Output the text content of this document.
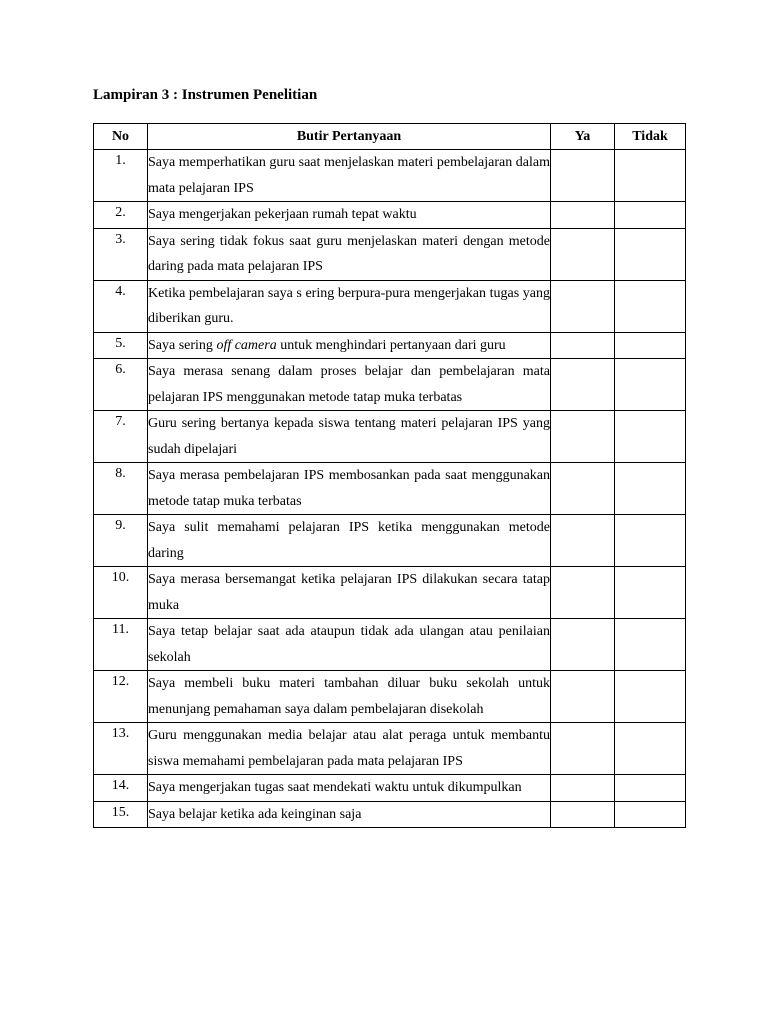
Lampiran 3 : Instrumen Penelitian
No	Butir Pertanyaan	Ya	Tidak
1.	Saya memperhatikan guru saat menjelaskan materi pembelajaran dalam mata pelajaran IPS		
2.	Saya mengerjakan pekerjaan rumah tepat waktu		

3.	Saya sering tidak fokus saat guru menjelaskan materi dengan metode daring pada mata pelajaran IPS		
4.	Ketika pembelajaran saya s ering berpura-pura mengerjakan tugas yang diberikan guru.		
5.	Saya sering off camera untuk menghindari pertanyaan dari guru		
6.	Saya merasa senang dalam proses belajar dan pembelajaran mata pelajaran IPS menggunakan metode tatap muka terbatas		
7.	Guru sering bertanya kepada siswa tentang materi pelajaran IPS yang sudah dipelajari		
8.	Saya merasa pembelajaran IPS membosankan pada saat menggunakan metode tatap muka terbatas		
9.	Saya sulit memahami pelajaran IPS ketika menggunakan metode daring		
10.	Saya merasa bersemangat ketika pelajaran IPS dilakukan secara tatap muka		
11.	Saya tetap belajar saat ada ataupun tidak ada ulangan atau penilaian sekolah		
12.	Saya membeli buku materi tambahan diluar buku sekolah untuk menunjang pemahaman saya dalam pembelajaran disekolah		
13.	Guru menggunakan media belajar atau alat peraga untuk membantu siswa memahami pembelajaran pada mata pelajaran IPS		
14.	Saya mengerjakan tugas saat mendekati waktu untuk dikumpulkan		
15.	Saya belajar ketika ada keinginan saja		
